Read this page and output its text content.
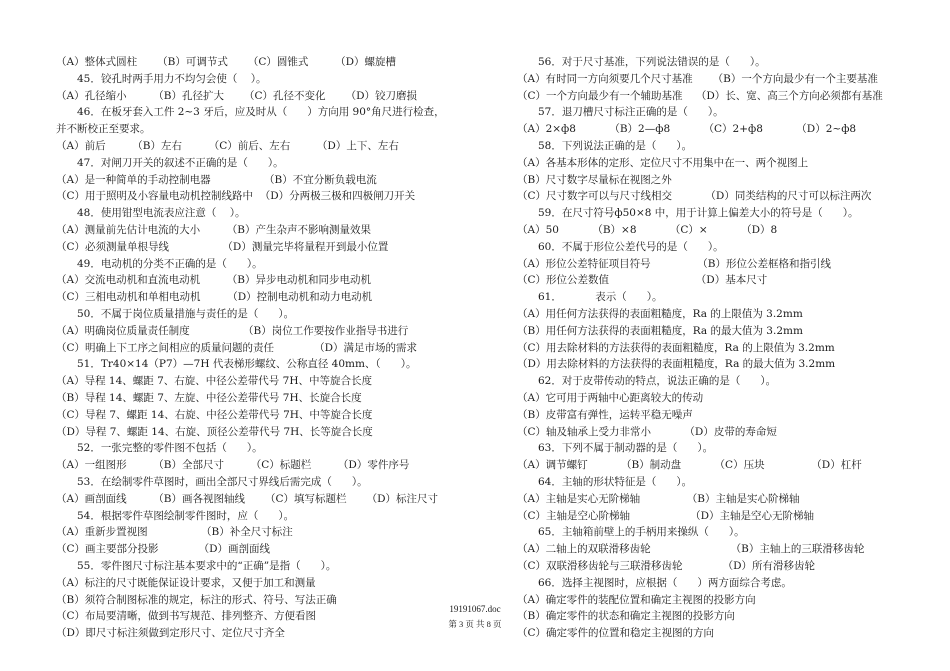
（A）整体式圆柱      （B）可调节式      （C）圆锥式        （D）螺旋槽
45．铰孔时两手用力不均匀会使（    ）。
（A）孔径缩小        （B）孔径扩大      （C）孔径不变化      （D）铰刀磨损
46．在板牙套入工件 2~3 牙后，应及时从（      ）方向用 90°角尺进行检查，
并不断校正至要求。
（A）前后        （B）左右        （C）前后、左右        （D）上下、左右
47．对闸刀开关的叙述不正确的是（      ）。
（A）是一种简单的手动控制电器                （B）不宜分断负载电流
（C）用于照明及小容量电动机控制线路中  （D）分两极三极和四极闸刀开关
48．使用钳型电流表应注意（    ）。
（A）测量前先估计电流的大小        （B）产生杂声不影响测量效果
（C）必须测量单根导线                （D）测量完毕将量程开到最小位置
49．电动机的分类不正确的是（      ）。
（A）交流电动机和直流电动机        （B）异步电动机和同步电动机
（C）三相电动机和单相电动机        （D）控制电动机和动力电动机
50．不属于岗位质量措施与责任的是（      ）。
（A）明确岗位质量责任制度                （B）岗位工作要按作业指导书进行
（C）明确上下工序之间相应的质量问题的责任            （D）满足市场的需求
51．Tr40×14（P7）—7H 代表梯形螺纹、公称直径 40mm、（      ）。
（A）导程 14、螺距 7、右旋、中径公差带代号 7H、中等旋合长度
（B）导程 14、螺距 7、左旋、中径公差带代号 7H、长旋合长度
（C）导程 7、螺距 14、右旋、中径公差带代号 7H、中等旋合长度
（D）导程 7、螺距 14、右旋、顶径公差带代号 7H、长等旋合长度
52．一张完整的零件图不包括（      ）。
（A）一组图形        （B）全部尺寸        （C）标题栏        （D）零件序号
53．在绘制零件草图时，画出全部尺寸界线后需完成（      ）。
（A）画剖面线        （B）画各视图轴线      （C）填写标题栏      （D）标注尺寸
54．根据零件草图绘制零件图时，应（      ）。
（A）重新步置视图                （B）补全尺寸标注
（C）画主要部分投影            （D）画剖面线
55．零件图尺寸标注基本要求中的“正确”是指（      ）。
（A）标注的尺寸既能保证设计要求，又便于加工和测量
（B）须符合制图标准的规定，标注的形式、符号、写法正确
（C）布局要清晰，做到书写规范、排列整齐、方便看图
（D）即尺寸标注须做到定形尺寸、定位尺寸齐全
56．对于尺寸基准，下列说法错误的是（      ）。
（A）有时同一方向须要几个尺寸基准      （B）一个方向最少有一个主要基准
（C）一个方向最少有一个辅助基准    （D）长、宽、高三个方向必须都有基准
57．退刀槽尺寸标注正确的是（      ）。
（A）2×ф8          （B）2—ф8          （C）2+ф8          （D）2~ф8
58．下列说法正确的是（      ）。
（A）各基本形体的定形、定位尺寸不用集中在一、两个视图上
（B）尺寸数字尽量标在视图之外
（C）尺寸数字可以与尺寸线相交          （D）同类结构的尺寸可以标注两次
59．在尺寸符号ф50×8 中，用于计算上偏差大小的符号是（      ）。
（A）50          （B）×8          （C）×          （D）8
60．不属于形位公差代号的是（      ）。
（A）形位公差特征项目符号              （B）形位公差框格和指引线
（C）形位公差数值                          （D）基本尺寸
61．          表示（      ）。
（A）用任何方法获得的表面粗糙度，Ra 的上限值为 3.2mm
（B）用任何方法获得的表面粗糙度，Ra 的最大值为 3.2mm
（C）用去除材料的方法获得的表面粗糙度，Ra 的上限值为 3.2mm
（D）用去除材料的方法获得的表面粗糙度，Ra 的最大值为 3.2mm
62．对于皮带传动的特点，说法正确的是（      ）。
（A）它可用于两轴中心距离较大的传动
（B）皮带富有弹性，运转平稳无噪声
（C）轴及轴承上受力非常小          （D）皮带的寿命短
63．下列不属于制动器的是（      ）。
（A）调节螺钉          （B）制动盘          （C）压块              （D）杠杆
64．主轴的形状特征是（      ）。
（A）主轴是实心无阶梯轴              （B）主轴是实心阶梯轴
（C）主轴是空心阶梯轴                  （D）主轴是空心无阶梯轴
65．主轴箱前壁上的手柄用来操纵（      ）。
（A）二轴上的双联滑移齿轮                        （B）主轴上的三联滑移齿轮
（C）双联滑移齿轮与三联滑移齿轮            （D）所有滑移齿轮
66．选择主视图时，应根据（      ）两方面综合考虑。
（A）确定零件的装配位置和确定主视图的投影方向
（B）确定零件的状态和确定主视图的投影方向
（C）确定零件的位置和稳定主视图的方向
19191067.doc
第 3 页 共 8 页
